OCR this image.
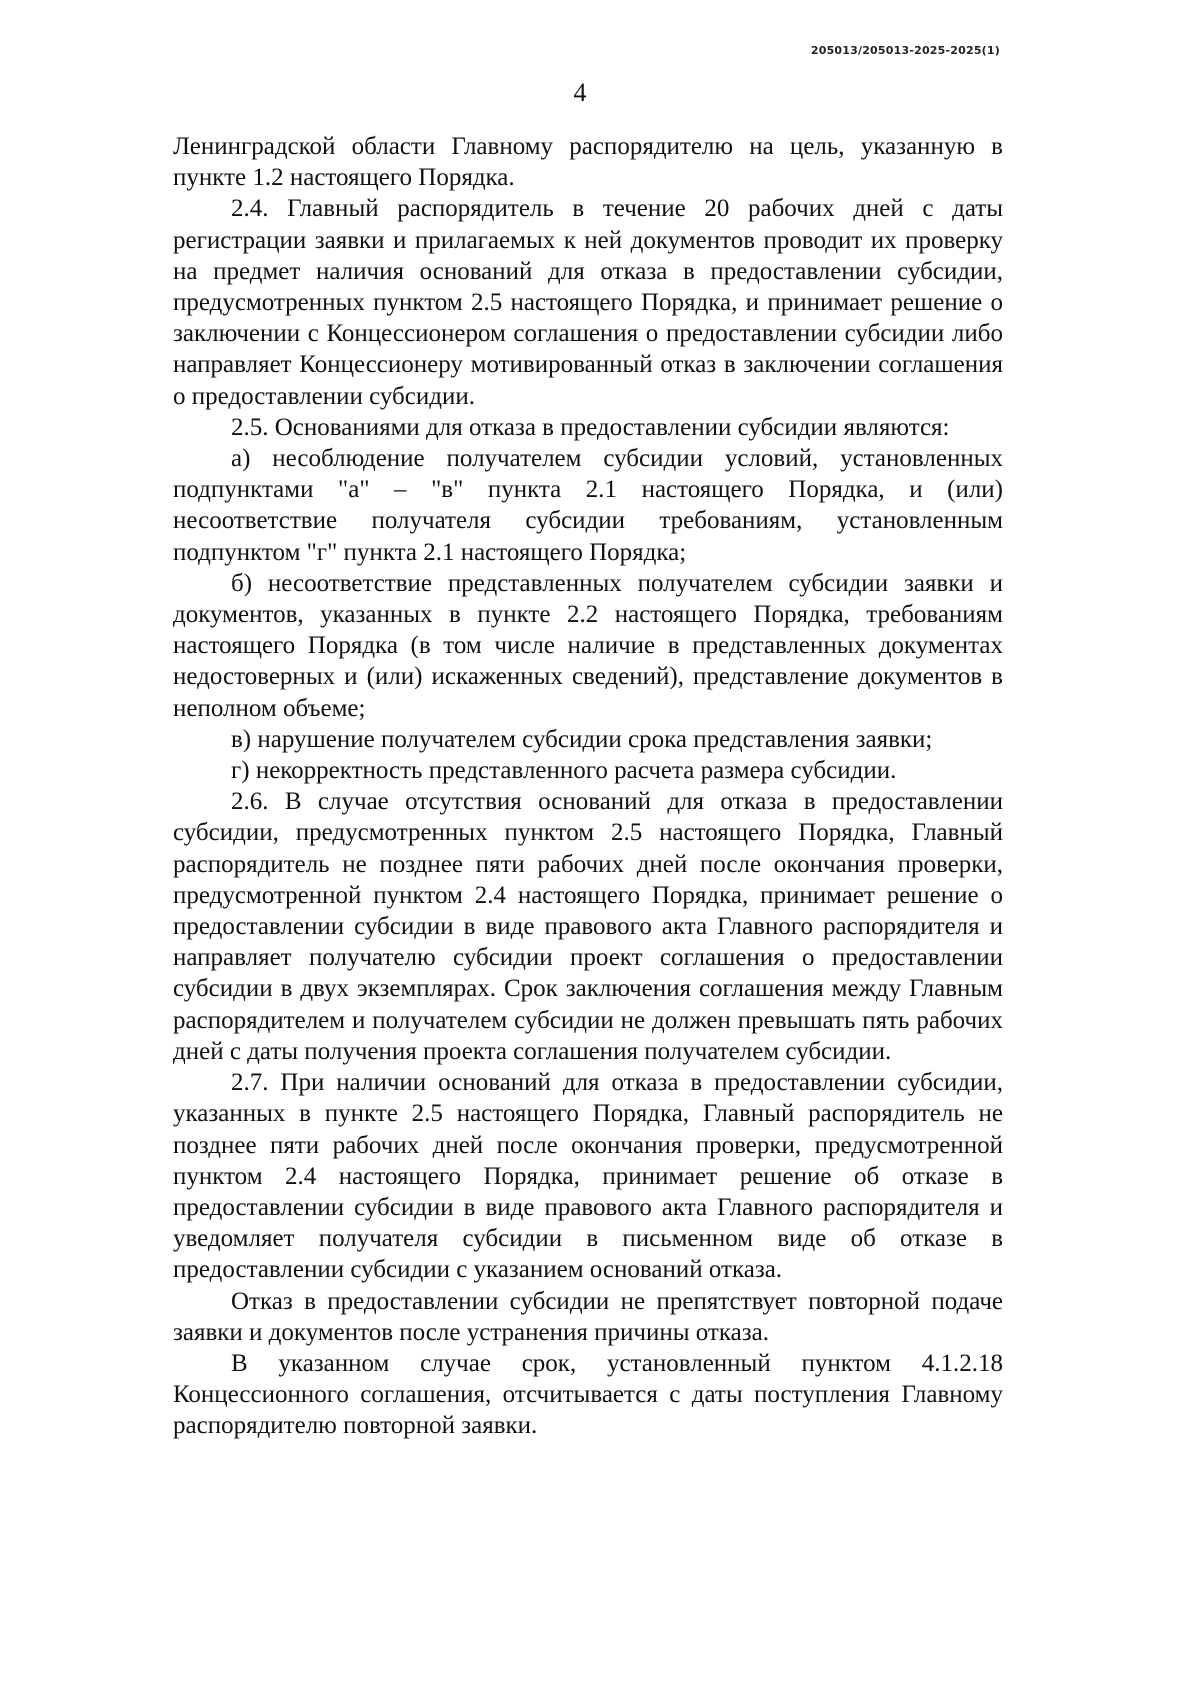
205013/205013-2025-2025(1)
4

Ленинградской области Главному распорядителю на цель, указанную в пункте 1.2 настоящего Порядка.

2.4. Главный распорядитель в течение 20 рабочих дней с даты регистрации заявки и прилагаемых к ней документов проводит их проверку на предмет наличия оснований для отказа в предоставлении субсидии, предусмотренных пунктом 2.5 настоящего Порядка, и принимает решение о заключении с Концессионером соглашения о предоставлении субсидии либо направляет Концессионеру мотивированный отказ в заключении соглашения о предоставлении субсидии.

2.5. Основаниями для отказа в предоставлении субсидии являются:

а) несоблюдение получателем субсидии условий, установленных подпунктами "а" – "в" пункта 2.1 настоящего Порядка, и (или) несоответствие получателя субсидии требованиям, установленным подпунктом "г" пункта 2.1 настоящего Порядка;

б) несоответствие представленных получателем субсидии заявки и документов, указанных в пункте 2.2 настоящего Порядка, требованиям настоящего Порядка (в том числе наличие в представленных документах недостоверных и (или) искаженных сведений), представление документов в неполном объеме;

в) нарушение получателем субсидии срока представления заявки;

г) некорректность представленного расчета размера субсидии.

2.6. В случае отсутствия оснований для отказа в предоставлении субсидии, предусмотренных пунктом 2.5 настоящего Порядка, Главный распорядитель не позднее пяти рабочих дней после окончания проверки, предусмотренной пунктом 2.4 настоящего Порядка, принимает решение о предоставлении субсидии в виде правового акта Главного распорядителя и направляет получателю субсидии проект соглашения о предоставлении субсидии в двух экземплярах. Срок заключения соглашения между Главным распорядителем и получателем субсидии не должен превышать пять рабочих дней с даты получения проекта соглашения получателем субсидии.

2.7. При наличии оснований для отказа в предоставлении субсидии, указанных в пункте 2.5 настоящего Порядка, Главный распорядитель не позднее пяти рабочих дней после окончания проверки, предусмотренной пунктом 2.4 настоящего Порядка, принимает решение об отказе в предоставлении субсидии в виде правового акта Главного распорядителя и уведомляет получателя субсидии в письменном виде об отказе в предоставлении субсидии с указанием оснований отказа.

Отказ в предоставлении субсидии не препятствует повторной подаче заявки и документов после устранения причины отказа.

В указанном случае срок, установленный пунктом 4.1.2.18 Концессионного соглашения, отсчитывается с даты поступления Главному распорядителю повторной заявки.
